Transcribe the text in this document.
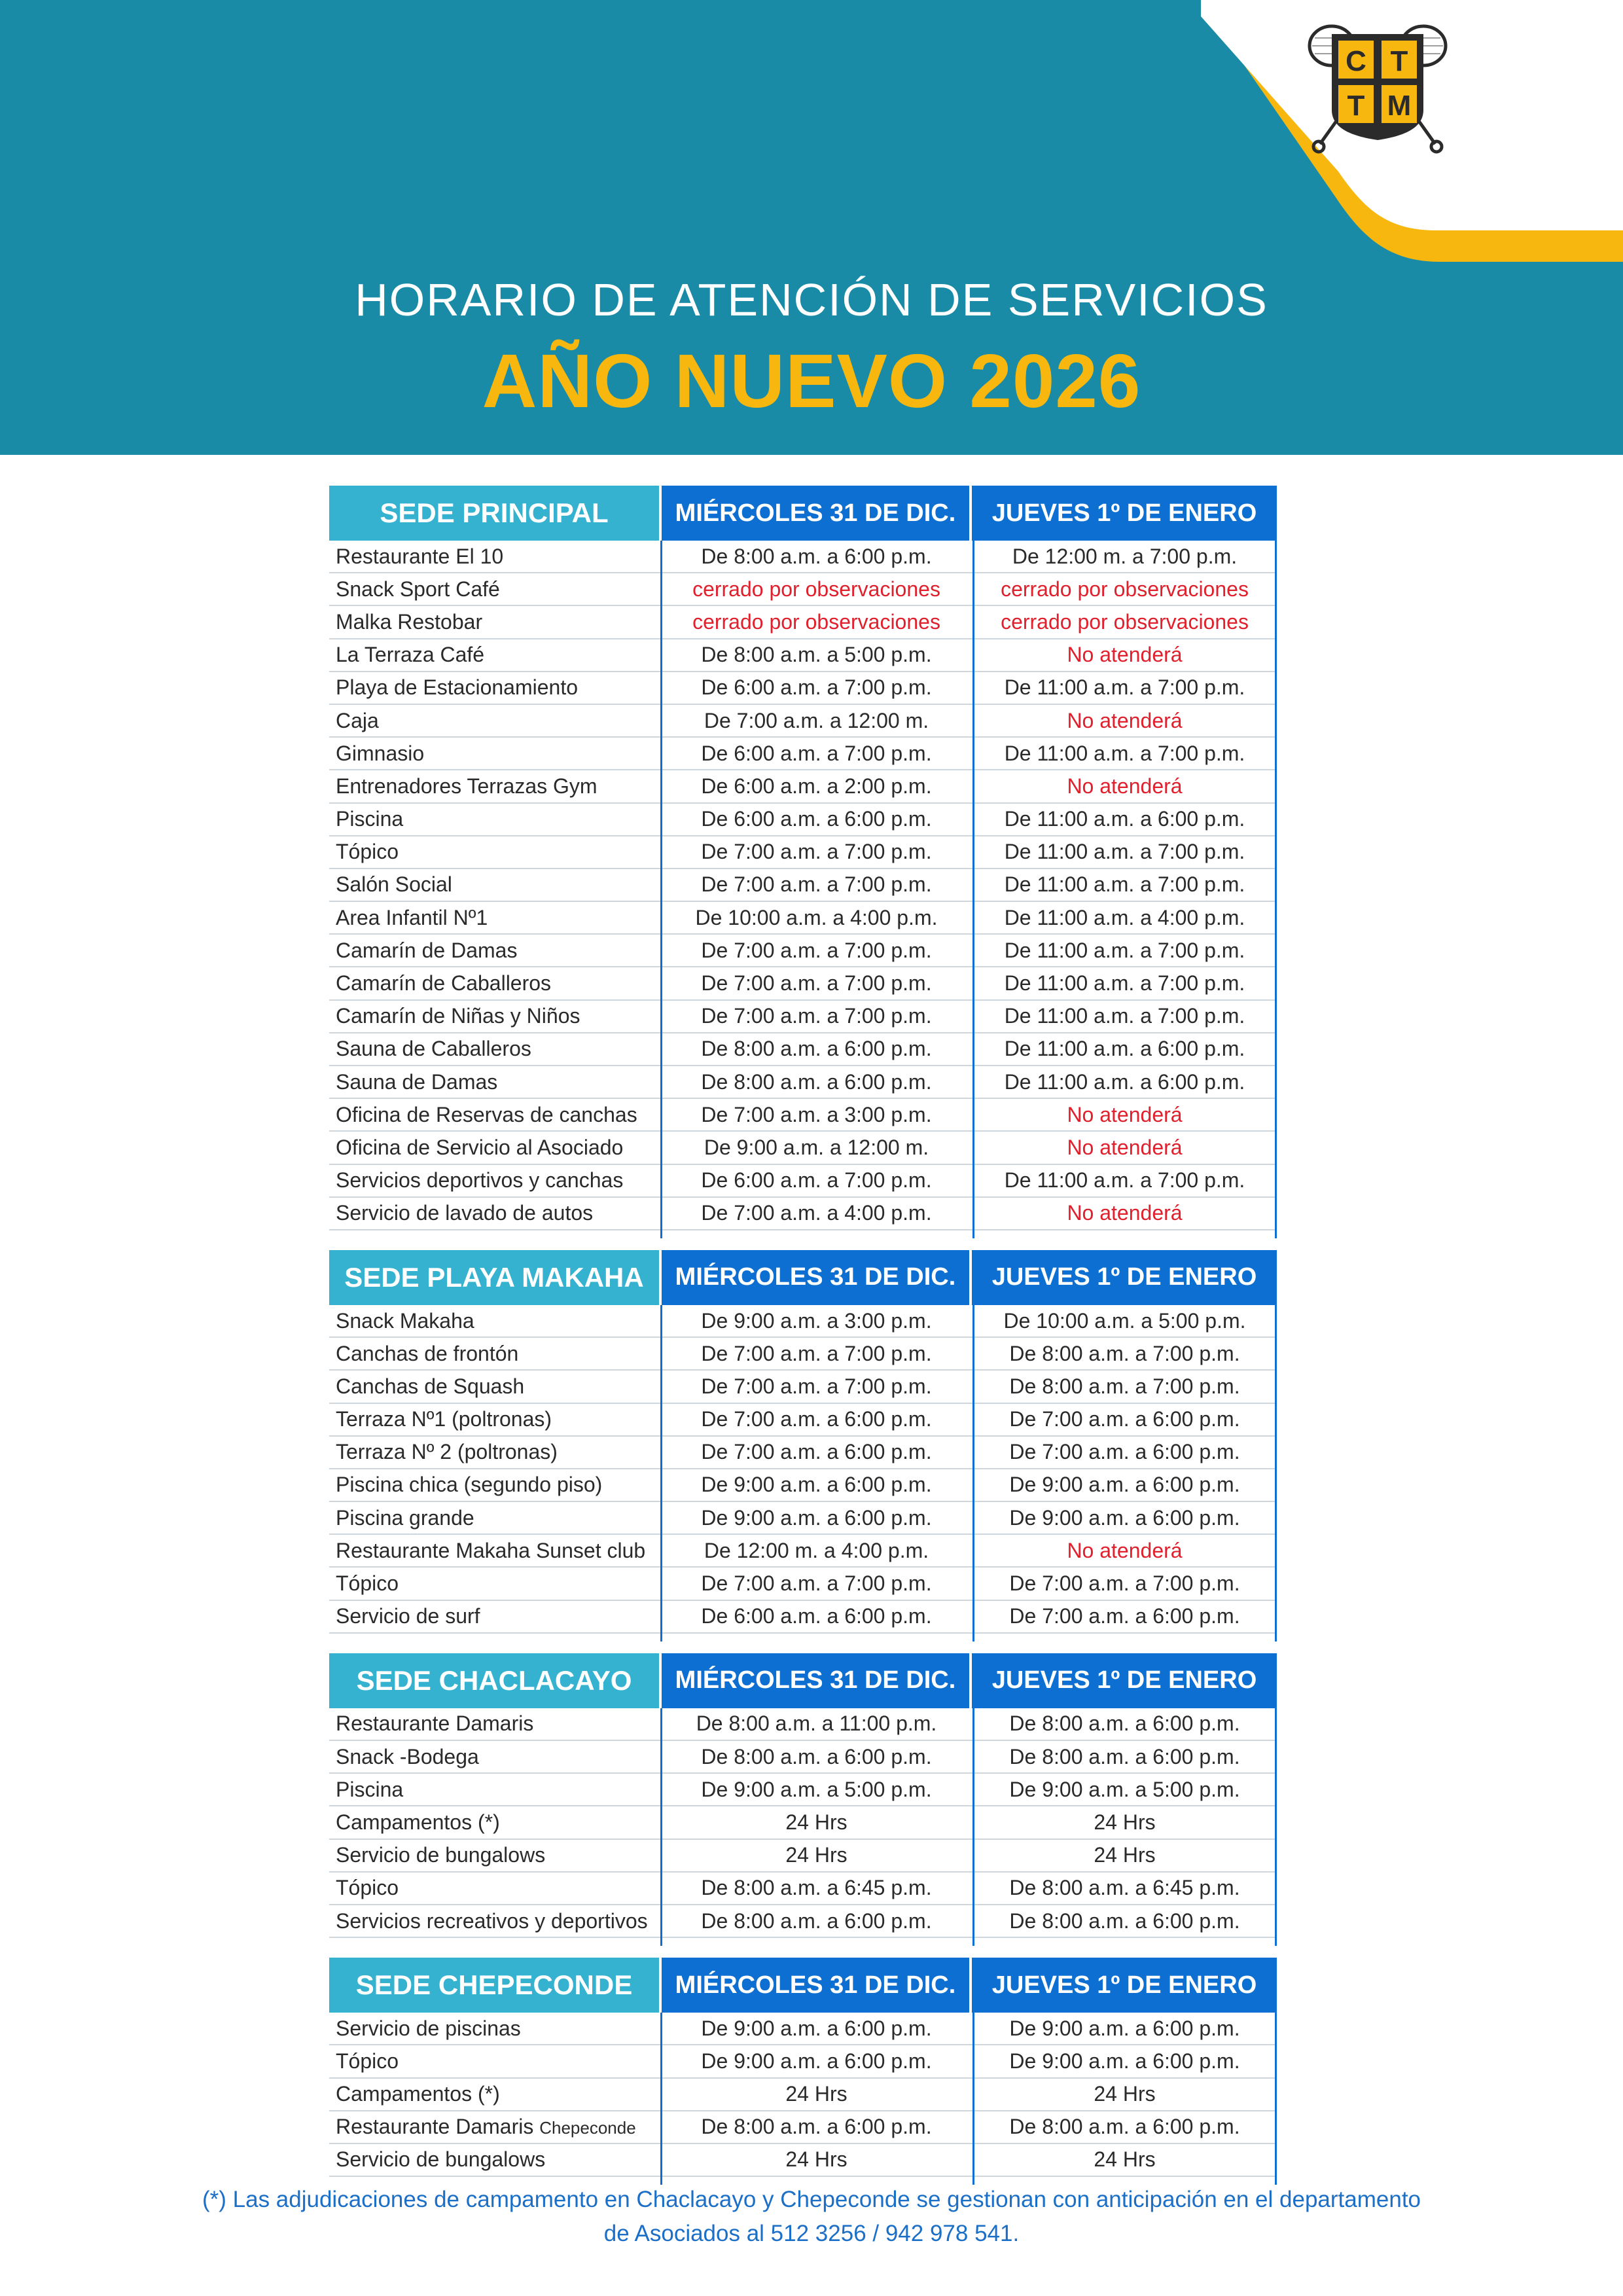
C T
T M
HORARIO DE ATENCIÓN DE SERVICIOS
AÑO NUEVO 2026
SEDE PRINCIPAL	MIÉRCOLES 31 DE DIC.	JUEVES 1º DE ENERO
Restaurante El 10	De 8:00 a.m. a 6:00 p.m.	De 12:00 m. a 7:00 p.m.
Snack Sport Café	cerrado por observaciones	cerrado por observaciones
Malka Restobar	cerrado por observaciones	cerrado por observaciones
La Terraza Café	De 8:00 a.m. a 5:00 p.m.	No atenderá
Playa de Estacionamiento	De 6:00 a.m. a 7:00 p.m.	De 11:00 a.m. a 7:00 p.m.
Caja	De 7:00 a.m. a 12:00 m.	No atenderá
Gimnasio	De 6:00 a.m. a 7:00 p.m.	De 11:00 a.m. a 7:00 p.m.
Entrenadores Terrazas Gym	De 6:00 a.m. a 2:00 p.m.	No atenderá
Piscina	De 6:00 a.m. a 6:00 p.m.	De 11:00 a.m. a 6:00 p.m.
Tópico	De 7:00 a.m. a 7:00 p.m.	De 11:00 a.m. a 7:00 p.m.
Salón Social	De 7:00 a.m. a 7:00 p.m.	De 11:00 a.m. a 7:00 p.m.
Area Infantil Nº1	De 10:00 a.m. a 4:00 p.m.	De 11:00 a.m. a 4:00 p.m.
Camarín de Damas	De 7:00 a.m. a 7:00 p.m.	De 11:00 a.m. a 7:00 p.m.
Camarín de Caballeros	De 7:00 a.m. a 7:00 p.m.	De 11:00 a.m. a 7:00 p.m.
Camarín de Niñas y Niños	De 7:00 a.m. a 7:00 p.m.	De 11:00 a.m. a 7:00 p.m.
Sauna de Caballeros	De 8:00 a.m. a 6:00 p.m.	De 11:00 a.m. a 6:00 p.m.
Sauna de Damas	De 8:00 a.m. a 6:00 p.m.	De 11:00 a.m. a 6:00 p.m.
Oficina de Reservas de canchas	De 7:00 a.m. a 3:00 p.m.	No atenderá
Oficina de Servicio al Asociado	De 9:00 a.m. a 12:00 m.	No atenderá
Servicios deportivos y canchas	De 6:00 a.m. a 7:00 p.m.	De 11:00 a.m. a 7:00 p.m.
Servicio de lavado de autos	De 7:00 a.m. a 4:00 p.m.	No atenderá
SEDE PLAYA MAKAHA	MIÉRCOLES 31 DE DIC.	JUEVES 1º DE ENERO
Snack Makaha	De 9:00 a.m. a 3:00 p.m.	De 10:00 a.m. a 5:00 p.m.
Canchas de frontón	De 7:00 a.m. a 7:00 p.m.	De 8:00 a.m. a 7:00 p.m.
Canchas de Squash	De 7:00 a.m. a 7:00 p.m.	De 8:00 a.m. a 7:00 p.m.
Terraza Nº1 (poltronas)	De 7:00 a.m. a 6:00 p.m.	De 7:00 a.m. a 6:00 p.m.
Terraza Nº 2 (poltronas)	De 7:00 a.m. a 6:00 p.m.	De 7:00 a.m. a 6:00 p.m.
Piscina chica (segundo piso)	De 9:00 a.m. a 6:00 p.m.	De 9:00 a.m. a 6:00 p.m.
Piscina grande	De 9:00 a.m. a 6:00 p.m.	De 9:00 a.m. a 6:00 p.m.
Restaurante Makaha Sunset club	De 12:00 m. a 4:00 p.m.	No atenderá
Tópico	De 7:00 a.m. a 7:00 p.m.	De 7:00 a.m. a 7:00 p.m.
Servicio de surf	De 6:00 a.m. a 6:00 p.m.	De 7:00 a.m. a 6:00 p.m.
SEDE CHACLACAYO	MIÉRCOLES 31 DE DIC.	JUEVES 1º DE ENERO
Restaurante Damaris	De 8:00 a.m. a 11:00 p.m.	De 8:00 a.m. a 6:00 p.m.
Snack -Bodega	De 8:00 a.m. a 6:00 p.m.	De 8:00 a.m. a 6:00 p.m.
Piscina	De 9:00 a.m. a 5:00 p.m.	De 9:00 a.m. a 5:00 p.m.
Campamentos (*)	24 Hrs	24 Hrs
Servicio de bungalows	24 Hrs	24 Hrs
Tópico	De 8:00 a.m. a 6:45 p.m.	De 8:00 a.m. a 6:45 p.m.
Servicios recreativos y deportivos	De 8:00 a.m. a 6:00 p.m.	De 8:00 a.m. a 6:00 p.m.
SEDE CHEPECONDE	MIÉRCOLES 31 DE DIC.	JUEVES 1º DE ENERO
Servicio de piscinas	De 9:00 a.m. a 6:00 p.m.	De 9:00 a.m. a 6:00 p.m.
Tópico	De 9:00 a.m. a 6:00 p.m.	De 9:00 a.m. a 6:00 p.m.
Campamentos (*)	24 Hrs	24 Hrs
Restaurante Damaris Chepeconde	De 8:00 a.m. a 6:00 p.m.	De 8:00 a.m. a 6:00 p.m.
Servicio de bungalows	24 Hrs	24 Hrs
(*) Las adjudicaciones de campamento en Chaclacayo y Chepeconde se gestionan con anticipación en el departamento
de Asociados al 512 3256 / 942 978 541.
